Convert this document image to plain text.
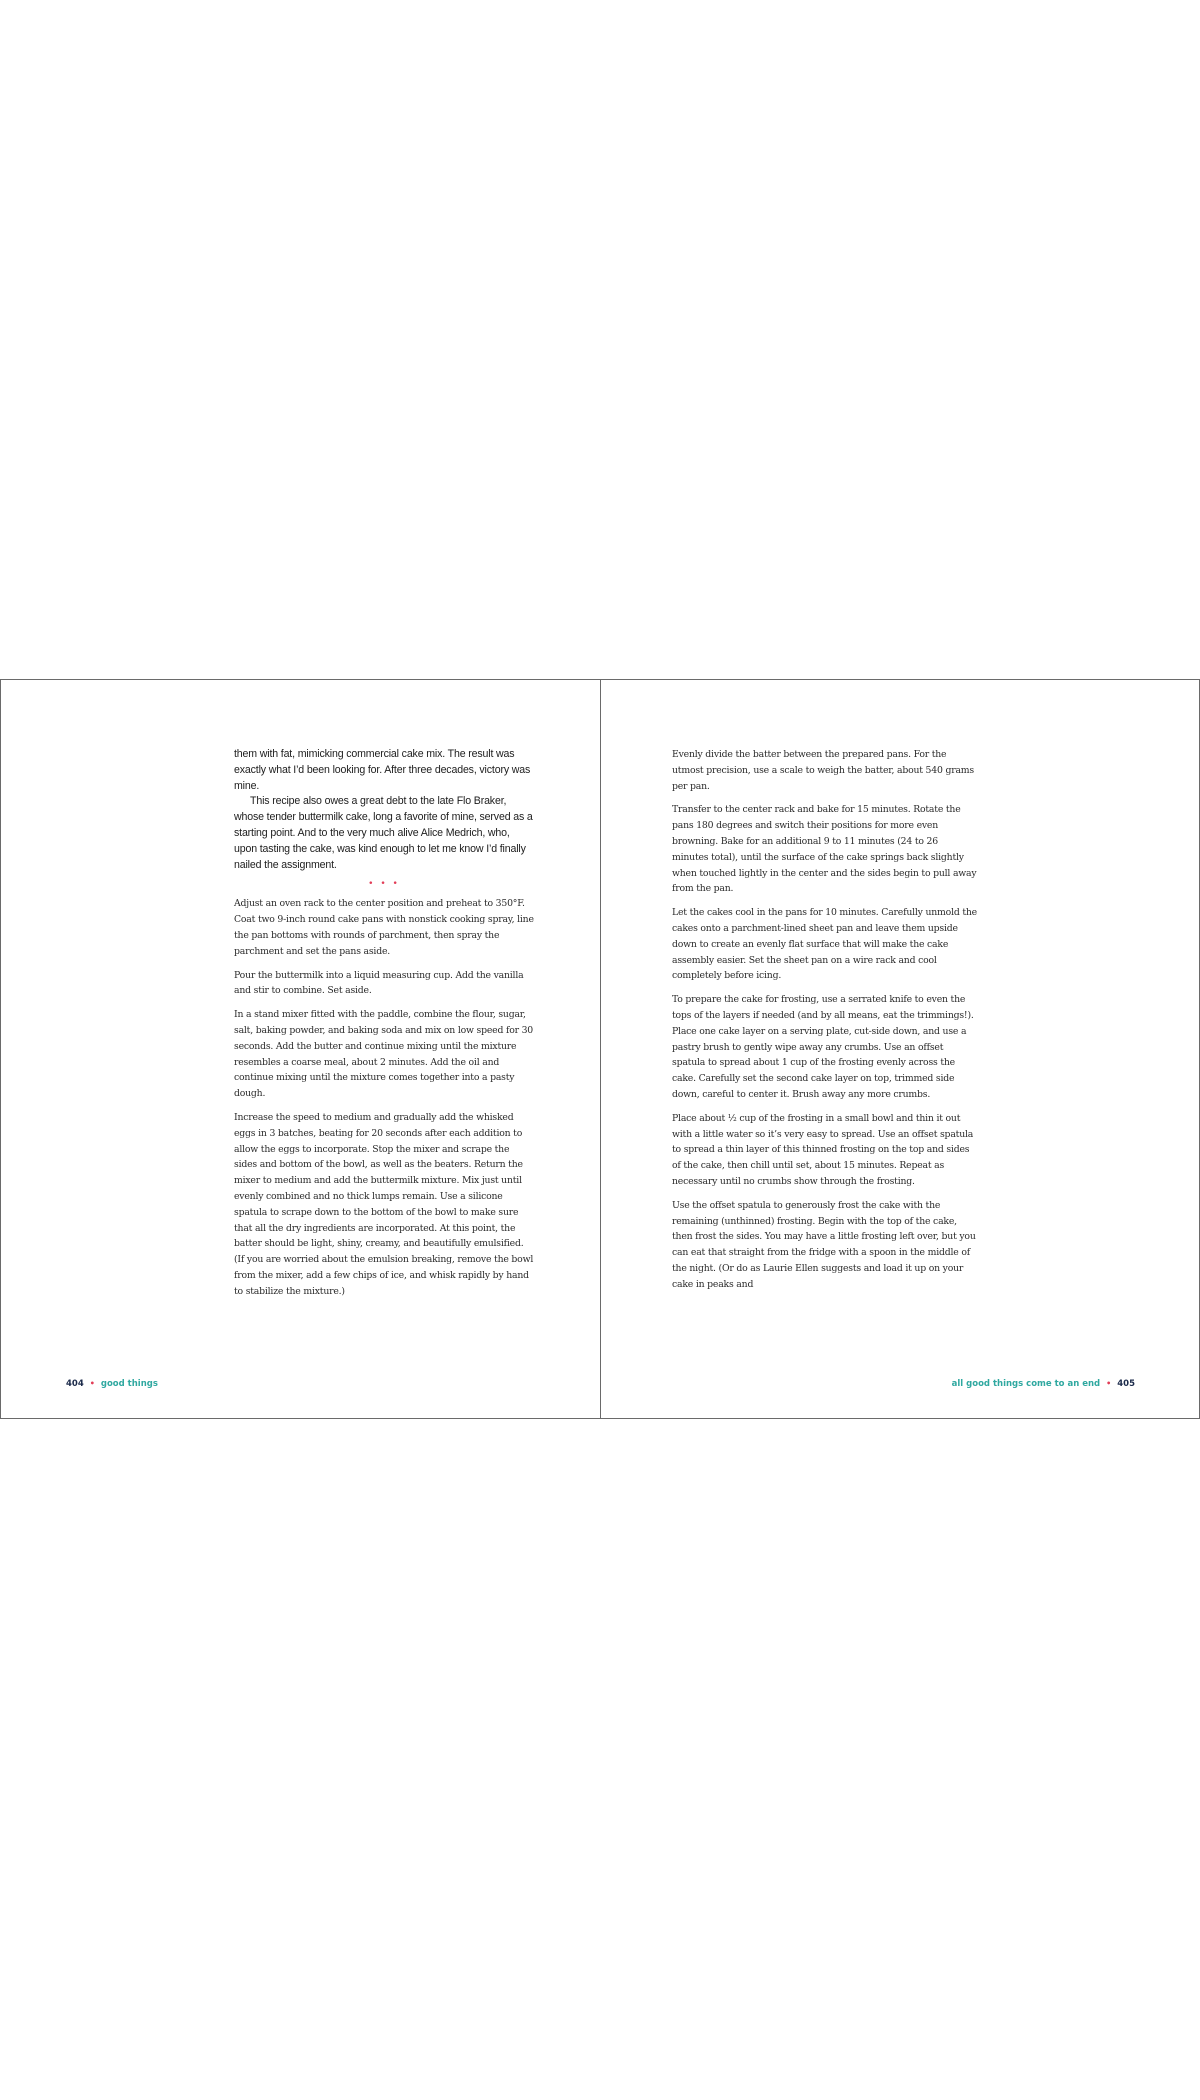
them with fat, mimicking commercial cake mix. The result was exactly what I’d been looking for. After three decades, victory was mine.

This recipe also owes a great debt to the late Flo Braker, whose tender buttermilk cake, long a favorite of mine, served as a starting point. And to the very much alive Alice Medrich, who, upon tasting the cake, was kind enough to let me know I’d finally nailed the assignment.

• • •

Adjust an oven rack to the center position and preheat to 350°F. Coat two 9-inch round cake pans with nonstick cooking spray, line the pan bottoms with rounds of parchment, then spray the parchment and set the pans aside.

Pour the buttermilk into a liquid measuring cup. Add the vanilla and stir to combine. Set aside.

In a stand mixer fitted with the paddle, combine the flour, sugar, salt, baking powder, and baking soda and mix on low speed for 30 seconds. Add the butter and continue mixing until the mixture resembles a coarse meal, about 2 minutes. Add the oil and continue mixing until the mixture comes together into a pasty dough.

Increase the speed to medium and gradually add the whisked eggs in 3 batches, beating for 20 seconds after each addition to allow the eggs to incorporate. Stop the mixer and scrape the sides and bottom of the bowl, as well as the beaters. Return the mixer to medium and add the buttermilk mixture. Mix just until evenly combined and no thick lumps remain. Use a silicone spatula to scrape down to the bottom of the bowl to make sure that all the dry ingredients are incorporated. At this point, the batter should be light, shiny, creamy, and beautifully emulsified. (If you are worried about the emulsion breaking, remove the bowl from the mixer, add a few chips of ice, and whisk rapidly by hand to stabilize the mixture.)

404 • good things

Evenly divide the batter between the prepared pans. For the utmost precision, use a scale to weigh the batter, about 540 grams per pan.

Transfer to the center rack and bake for 15 minutes. Rotate the pans 180 degrees and switch their positions for more even browning. Bake for an additional 9 to 11 minutes (24 to 26 minutes total), until the surface of the cake springs back slightly when touched lightly in the center and the sides begin to pull away from the pan.

Let the cakes cool in the pans for 10 minutes. Carefully unmold the cakes onto a parchment-lined sheet pan and leave them upside down to create an evenly flat surface that will make the cake assembly easier. Set the sheet pan on a wire rack and cool completely before icing.

To prepare the cake for frosting, use a serrated knife to even the tops of the layers if needed (and by all means, eat the trimmings!). Place one cake layer on a serving plate, cut-side down, and use a pastry brush to gently wipe away any crumbs. Use an offset spatula to spread about 1 cup of the frosting evenly across the cake. Carefully set the second cake layer on top, trimmed side down, careful to center it. Brush away any more crumbs.

Place about ½ cup of the frosting in a small bowl and thin it out with a little water so it’s very easy to spread. Use an offset spatula to spread a thin layer of this thinned frosting on the top and sides of the cake, then chill until set, about 15 minutes. Repeat as necessary until no crumbs show through the frosting.

Use the offset spatula to generously frost the cake with the remaining (unthinned) frosting. Begin with the top of the cake, then frost the sides. You may have a little frosting left over, but you can eat that straight from the fridge with a spoon in the middle of the night. (Or do as Laurie Ellen suggests and load it up on your cake in peaks and

all good things come to an end • 405
